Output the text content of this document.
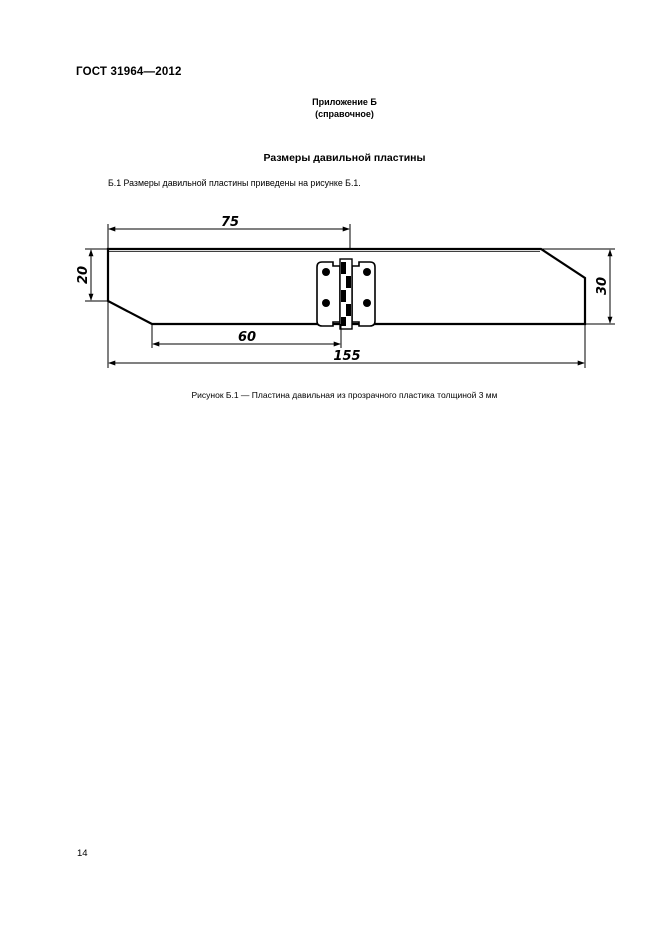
ГОСТ 31964—2012
Приложение Б
(справочное)
Размеры давильной пластины
Б.1 Размеры давильной пластины приведены на рисунке Б.1.
75
20
30
60
155
Рисунок Б.1 — Пластина давильная из прозрачного пластика толщиной 3 мм
14
